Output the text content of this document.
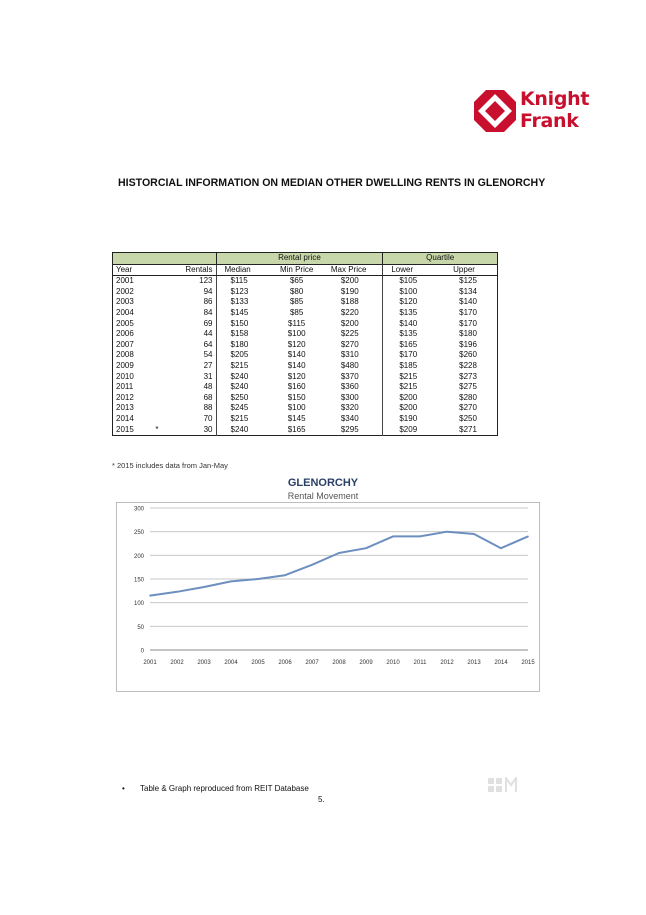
Knight
Frank
HISTORCIAL INFORMATION ON MEDIAN OTHER DWELLING RENTS IN GLENORCHY
			Rental price			Quartile	
Year		Rentals	Median	Min Price	Max Price	Lower	Upper
2001		123	$115	$65	$200	$105	$125
2002		94	$123	$80	$190	$100	$134
2003		86	$133	$85	$188	$120	$140
2004		84	$145	$85	$220	$135	$170
2005		69	$150	$115	$200	$140	$170
2006		44	$158	$100	$225	$135	$180
2007		64	$180	$120	$270	$165	$196
2008		54	$205	$140	$310	$170	$260
2009		27	$215	$140	$480	$185	$228
2010		31	$240	$120	$370	$215	$273
2011		48	$240	$160	$360	$215	$275
2012		68	$250	$150	$300	$200	$280
2013		88	$245	$100	$320	$200	$270
2014		70	$215	$145	$340	$190	$250
2015	*	30	$240	$165	$295	$209	$271
* 2015 includes data from Jan-May
GLENORCHY
Rental Movement
0
50
100
150
200
250
300
2001 2002 2003 2004 2005 2006 2007 2008 2009 2010 2011 2012 2013 2014 2015
• Table & Graph reproduced from REIT Database
5.
